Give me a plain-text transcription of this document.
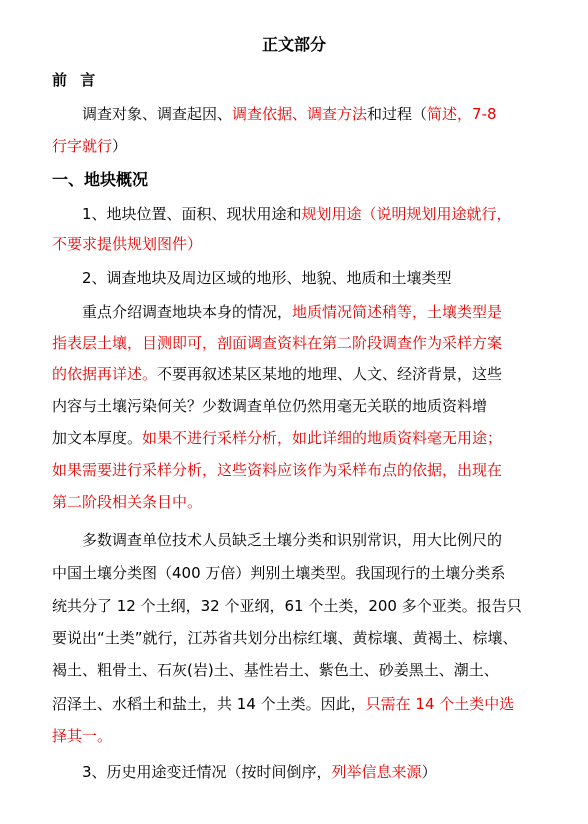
正文部分
前 言
调查对象、调查起因、调查依据、调查方法和过程（简述，7-8
行字就行）
一、地块概况
1、地块位置、面积、现状用途和规划用途（说明规划用途就行，
不要求提供规划图件）
2、调查地块及周边区域的地形、地貌、地质和土壤类型
重点介绍调查地块本身的情况，地质情况简述稍等，土壤类型是
指表层土壤，目测即可，剖面调查资料在第二阶段调查作为采样方案
的依据再详述。不要再叙述某区某地的地理、人文、经济背景，这些
内容与土壤污染何关？少数调查单位仍然用毫无关联的地质资料增
加文本厚度。如果不进行采样分析，如此详细的地质资料毫无用途；
如果需要进行采样分析，这些资料应该作为采样布点的依据，出现在
第二阶段相关条目中。
多数调查单位技术人员缺乏土壤分类和识别常识，用大比例尺的
中国土壤分类图（400 万倍）判别土壤类型。我国现行的土壤分类系
统共分了 12 个土纲，32 个亚纲，61 个土类，200 多个亚类。报告只
要说出“土类”就行，江苏省共划分出棕红壤、黄棕壤、黄褐土、棕壤、
褐土、粗骨土、石灰(岩)土、基性岩土、紫色土、砂姜黑土、潮土、
沼泽土、水稻土和盐土，共 14 个土类。因此，只需在 14 个土类中选
择其一。
3、历史用途变迁情况（按时间倒序，列举信息来源）
